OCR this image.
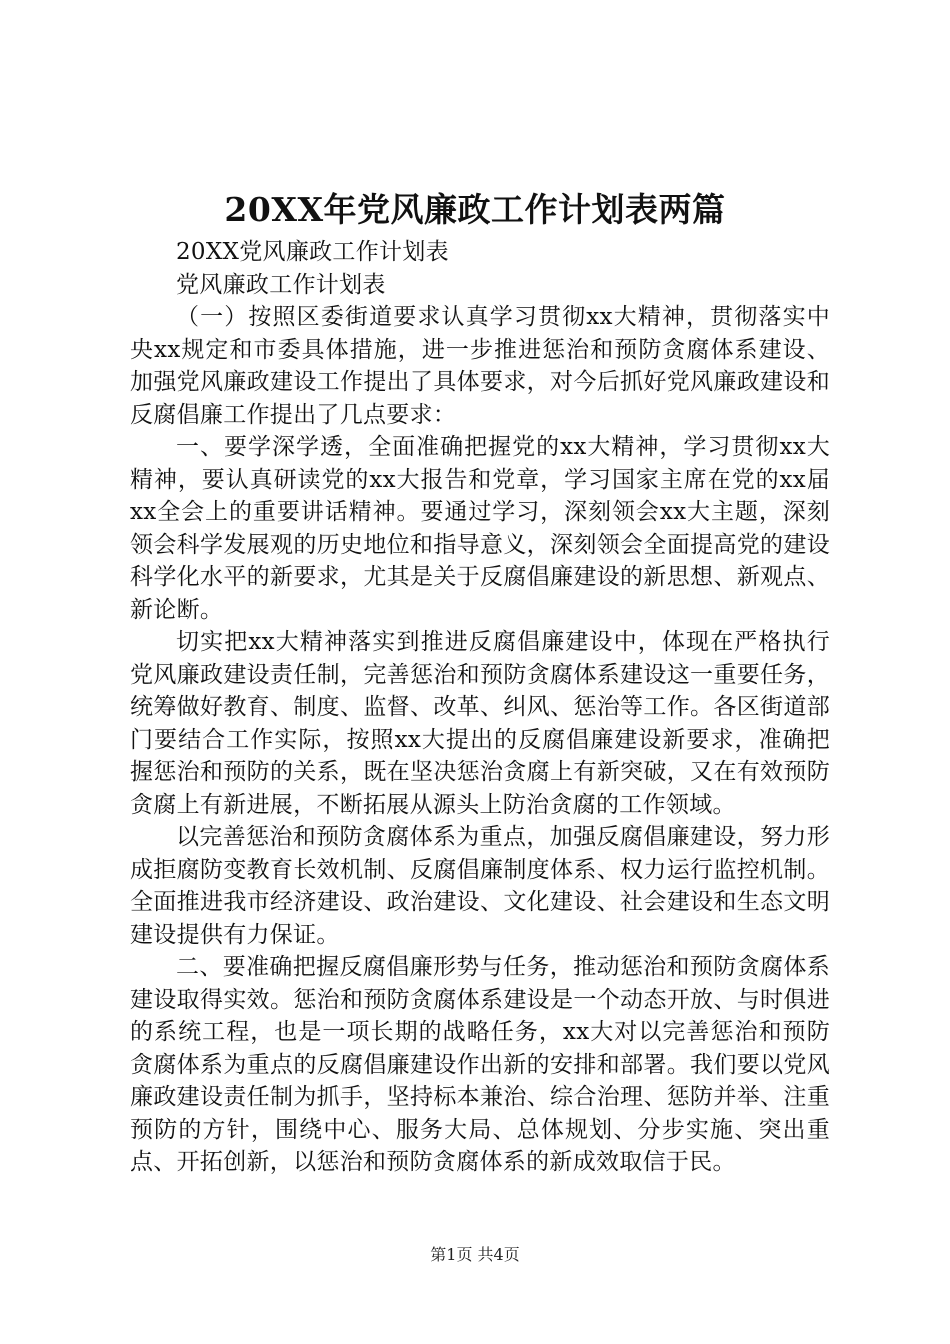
20XX年党风廉政工作计划表两篇

20XX党风廉政工作计划表

党风廉政工作计划表

（一）按照区委街道要求认真学习贯彻xx大精神，贯彻落实中央xx规定和市委具体措施，进一步推进惩治和预防贪腐体系建设、加强党风廉政建设工作提出了具体要求，对今后抓好党风廉政建设和反腐倡廉工作提出了几点要求：

一、要学深学透，全面准确把握党的xx大精神，学习贯彻xx大精神，要认真研读党的xx大报告和党章，学习国家主席在党的xx届xx全会上的重要讲话精神。要通过学习，深刻领会xx大主题，深刻领会科学发展观的历史地位和指导意义，深刻领会全面提高党的建设科学化水平的新要求，尤其是关于反腐倡廉建设的新思想、新观点、新论断。

切实把xx大精神落实到推进反腐倡廉建设中，体现在严格执行党风廉政建设责任制，完善惩治和预防贪腐体系建设这一重要任务，统筹做好教育、制度、监督、改革、纠风、惩治等工作。各区街道部门要结合工作实际，按照xx大提出的反腐倡廉建设新要求，准确把握惩治和预防的关系，既在坚决惩治贪腐上有新突破，又在有效预防贪腐上有新进展，不断拓展从源头上防治贪腐的工作领域。

以完善惩治和预防贪腐体系为重点，加强反腐倡廉建设，努力形成拒腐防变教育长效机制、反腐倡廉制度体系、权力运行监控机制。全面推进我市经济建设、政治建设、文化建设、社会建设和生态文明建设提供有力保证。

二、要准确把握反腐倡廉形势与任务，推动惩治和预防贪腐体系建设取得实效。惩治和预防贪腐体系建设是一个动态开放、与时俱进的系统工程，也是一项长期的战略任务，xx大对以完善惩治和预防贪腐体系为重点的反腐倡廉建设作出新的安排和部署。我们要以党风廉政建设责任制为抓手，坚持标本兼治、综合治理、惩防并举、注重预防的方针，围绕中心、服务大局、总体规划、分步实施、突出重点、开拓创新，以惩治和预防贪腐体系的新成效取信于民。

第1页 共4页
